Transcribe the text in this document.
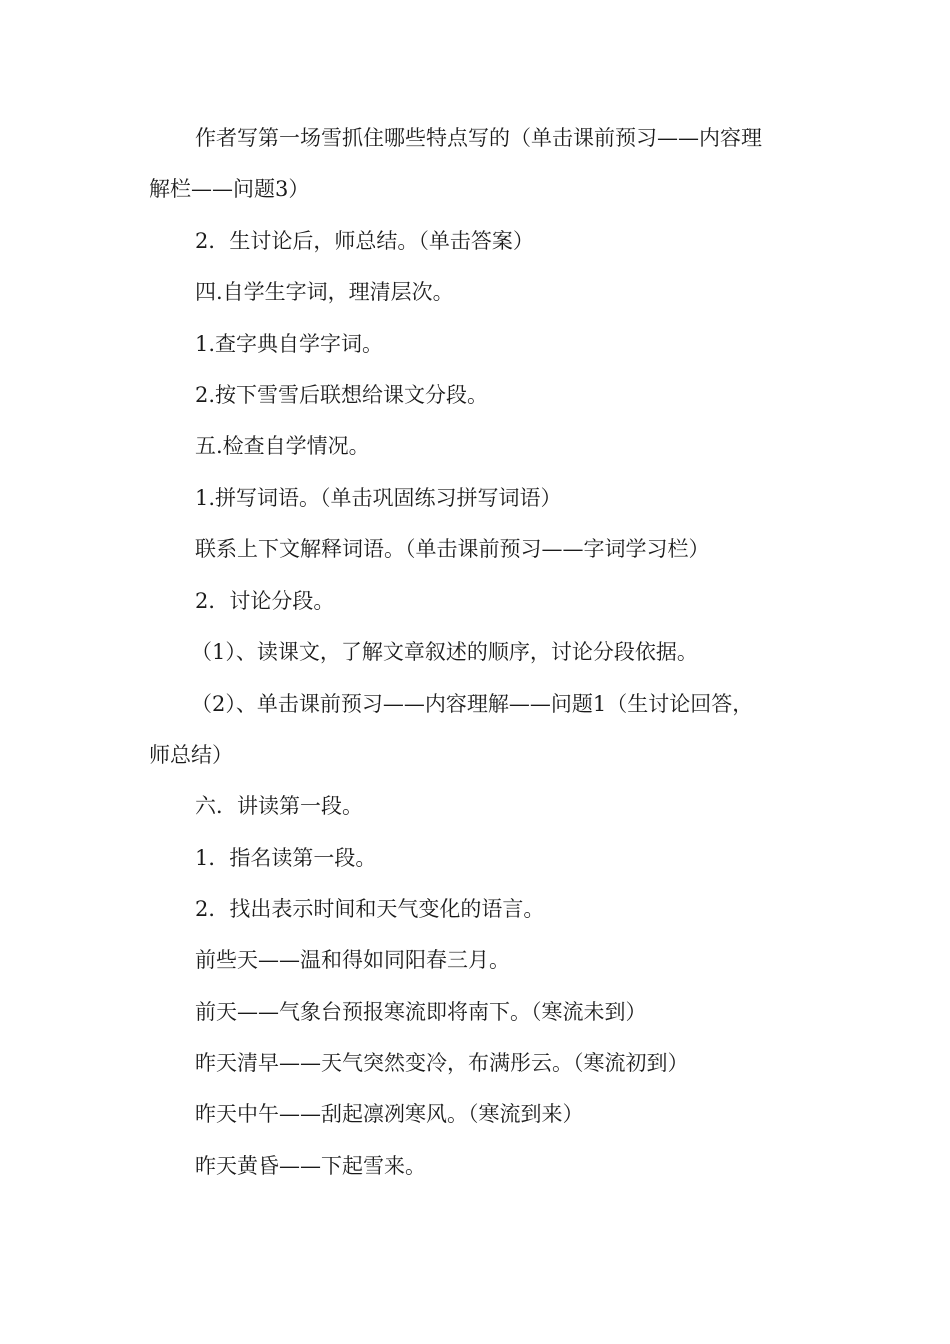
作者写第一场雪抓住哪些特点写的（单击课前预习——内容理
解栏——问题3）
2．生讨论后，师总结。（单击答案）
四.自学生字词，理清层次。
1.查字典自学字词。
2.按下雪雪后联想给课文分段。
五.检查自学情况。
1.拼写词语。（单击巩固练习拼写词语）
联系上下文解释词语。（单击课前预习——字词学习栏）
2．讨论分段。
（1）、读课文，了解文章叙述的顺序，讨论分段依据。
（2）、单击课前预习——内容理解——问题1（生讨论回答，
师总结）
六．讲读第一段。
1．指名读第一段。
2．找出表示时间和天气变化的语言。
前些天——温和得如同阳春三月。
前天——气象台预报寒流即将南下。（寒流未到）
昨天清早——天气突然变冷，布满彤云。（寒流初到）
昨天中午——刮起凛冽寒风。（寒流到来）
昨天黄昏——下起雪来。
